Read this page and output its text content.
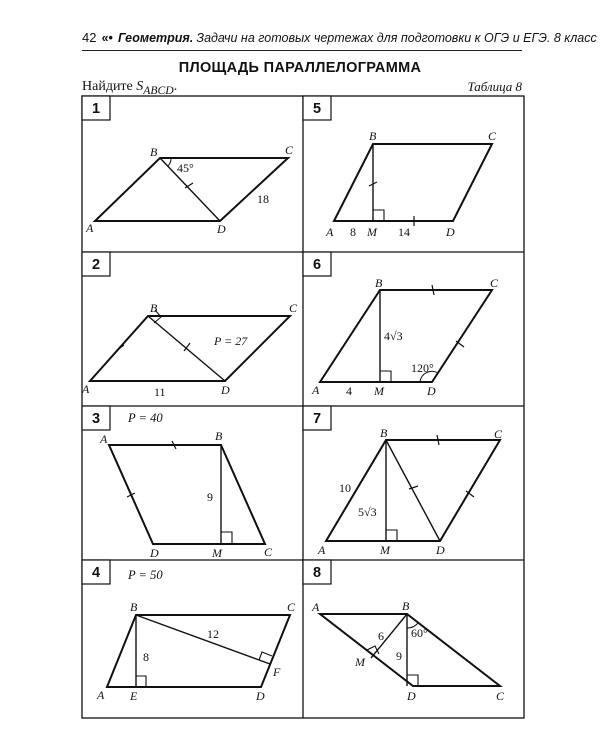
42 «• Геометрия. Задачи на готовых чертежах для подготовки к ОГЭ и ЕГЭ. 8 класс
ПЛОЩАДЬ ПАРАЛЛЕЛОГРАММА
Найдите $S_{ABCD}$.	Таблица 8
1	5
2	6
3	7
4	8
B	C
A	D
45°
18
B	C
A	D
P = 27
11
P = 40
A	B
C
D	M
9
P = 50
B	C
A E	D
F
8
12
B	C
A	M	D
8	14
B	C
A	M	D
4√3
120°
4
B	C
A	M	D
10
5√3
A	B
C
D
M
6
9
60°
